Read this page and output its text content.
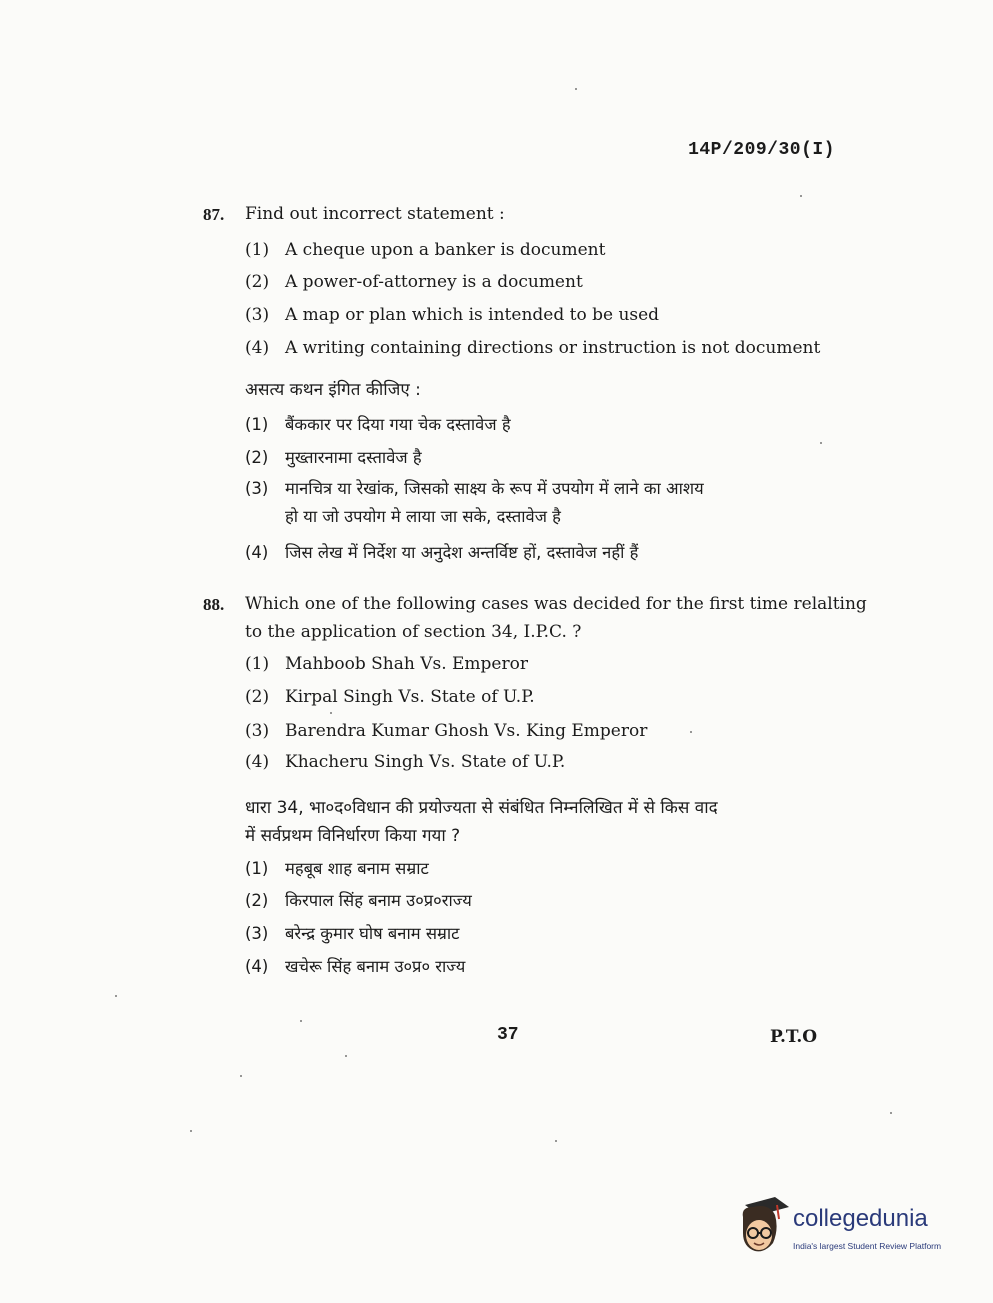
14P/209/30(I)
87. Find out incorrect statement :
(1) A cheque upon a banker is document
(2) A power-of-attorney is a document
(3) A map or plan which is intended to be used
(4) A writing containing directions or instruction is not document
असत्य कथन इंगित कीजिए :
(1) बैंककार पर दिया गया चेक दस्तावेज है
(2) मुख्तारनामा दस्तावेज है
(3) मानचित्र या रेखांक, जिसको साक्ष्य के रूप में उपयोग में लाने का आशय
हो या जो उपयोग मे लाया जा सके, दस्तावेज है
(4) जिस लेख में निर्देश या अनुदेश अन्तर्विष्ट हों, दस्तावेज नहीं हैं
88. Which one of the following cases was decided for the first time relalting
to the application of section 34, I.P.C. ?
(1) Mahboob Shah Vs. Emperor
(2) Kirpal Singh Vs. State of U.P.
(3) Barendra Kumar Ghosh Vs. King Emperor
(4) Khacheru Singh Vs. State of U.P.
धारा 34, भा०द०विधान की प्रयोज्यता से संबंधित निम्नलिखित में से किस वाद
में सर्वप्रथम विनिर्धारण किया गया ?
(1) महबूब शाह बनाम सम्राट
(2) किरपाल सिंह बनाम उ०प्र०राज्य
(3) बरेन्द्र कुमार घोष बनाम सम्राट
(4) खचेरू सिंह बनाम उ०प्र० राज्य
37	P.T.O
collegedunia
India's largest Student Review Platform
